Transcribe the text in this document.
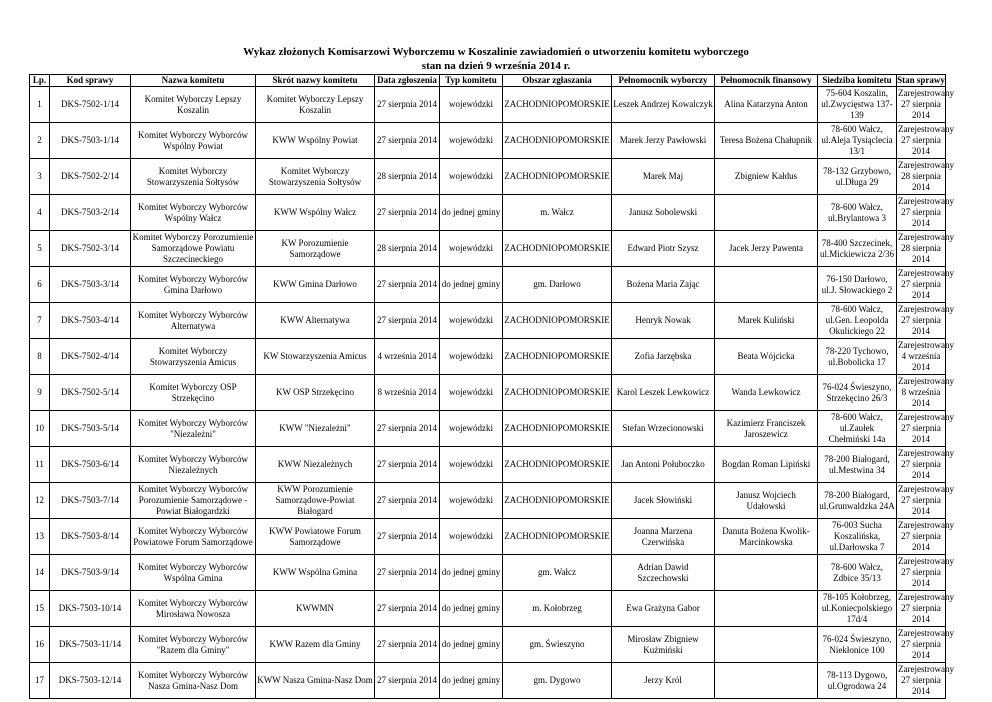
Wykaz złożonych Komisarzowi Wyborczemu w Koszalinie zawiadomień o utworzeniu komitetu wyborczego
stan na dzień 9 września 2014 r.
Lp.	Kod sprawy	Nazwa komitetu	Skrót nazwy komitetu	Data zgłoszenia	Typ komitetu	Obszar zgłaszania	Pełnomocnik wyborczy	Pełnomocnik finansowy	Siedziba komitetu	Stan sprawy
1	DKS-7502-1/14	Komitet Wyborczy Lepszy Koszalin	Komitet Wyborczy Lepszy Koszalin	27 sierpnia 2014	wojewódzki	ZACHODNIOPOMORSKIE	Leszek Andrzej Kowalczyk	Alina Katarzyna Anton	75-604 Koszalin, ul.Zwycięstwa 137-139	Zarejestrowany 27 sierpnia 2014
2	DKS-7503-1/14	Komitet Wyborczy Wyborców Wspólny Powiat	KWW Wspólny Powiat	27 sierpnia 2014	wojewódzki	ZACHODNIOPOMORSKIE	Marek Jerzy Pawłowski	Teresa Bożena Chałupnik	78-600 Wałcz, ul.Aleja Tysiąclecia 13/1	Zarejestrowany 27 sierpnia 2014
3	DKS-7502-2/14	Komitet Wyborczy Stowarzyszenia Sołtysów	Komitet Wyborczy Stowarzyszenia Sołtysów	28 sierpnia 2014	wojewódzki	ZACHODNIOPOMORSKIE	Marek Maj	Zbigniew Kałdus	78-132 Grzybowo, ul.Długa 29	Zarejestrowany 28 sierpnia 2014
4	DKS-7503-2/14	Komitet Wyborczy Wyborców Wspólny Wałcz	KWW Wspólny Wałcz	27 sierpnia 2014	do jednej gminy	m. Wałcz	Janusz Sobolewski		78-600 Wałcz, ul.Brylantowa 3	Zarejestrowany 27 sierpnia 2014
5	DKS-7502-3/14	Komitet Wyborczy Porozumienie Samorządowe Powiatu Szczecineckiego	KW Porozumienie Samorządowe	28 sierpnia 2014	wojewódzki	ZACHODNIOPOMORSKIE	Edward Piotr Szysz	Jacek Jerzy Pawenta	78-400 Szczecinek, ul.Mickiewicza 2/36	Zarejestrowany 28 sierpnia 2014
6	DKS-7503-3/14	Komitet Wyborczy Wyborców Gmina Darłowo	KWW Gmina Darłowo	27 sierpnia 2014	do jednej gminy	gm. Darłowo	Bożena Maria Zając		76-150 Darłowo, ul.J. Słowackiego 2	Zarejestrowany 27 sierpnia 2014
7	DKS-7503-4/14	Komitet Wyborczy Wyborców Alternatywa	KWW Alternatywa	27 sierpnia 2014	wojewódzki	ZACHODNIOPOMORSKIE	Henryk Nowak	Marek Kuliński	78-600 Wałcz, ul.Gen. Leopolda Okulickiego 22	Zarejestrowany 27 sierpnia 2014
8	DKS-7502-4/14	Komitet Wyborczy Stowarzyszenia Amicus	KW Stowarzyszenia Amicus	4 września 2014	wojewódzki	ZACHODNIOPOMORSKIE	Zofia Jarzębska	Beata Wójcicka	78-220 Tychowo, ul.Bobolicka 17	Zarejestrowany 4 września 2014
9	DKS-7502-5/14	Komitet Wyborczy OSP Strzekęcino	KW OSP Strzekęcino	8 września 2014	wojewódzki	ZACHODNIOPOMORSKIE	Karol Leszek Lewkowicz	Wanda Lewkowicz	76-024 Świeszyno, Strzekęcino 26/3	Zarejestrowany 8 września 2014
10	DKS-7503-5/14	Komitet Wyborczy Wyborców "Niezależni"	KWW "Niezależni"	27 sierpnia 2014	wojewódzki	ZACHODNIOPOMORSKIE	Stefan Wrzecionowski	Kazimierz Franciszek Jaroszewicz	78-600 Wałcz, ul.Zaułek Chełmiński 14a	Zarejestrowany 27 sierpnia 2014
11	DKS-7503-6/14	Komitet Wyborczy Wyborców Niezależnych	KWW Niezależnych	27 sierpnia 2014	wojewódzki	ZACHODNIOPOMORSKIE	Jan Antoni Połuboczko	Bogdan Roman Lipiński	78-200 Białogard, ul.Mestwina 34	Zarejestrowany 27 sierpnia 2014
12	DKS-7503-7/14	Komitet Wyborczy Wyborców Porozumienie Samorządowe - Powiat Białogardzki	KWW Porozumienie Samorządowe-Powiat Białogard	27 sierpnia 2014	wojewódzki	ZACHODNIOPOMORSKIE	Jacek Słowiński	Janusz Wojciech Udałowski	78-200 Białogard, ul.Grunwaldzka 24A	Zarejestrowany 27 sierpnia 2014
13	DKS-7503-8/14	Komitet Wyborczy Wyborców Powiatowe Forum Samorządowe	KWW Powiatowe Forum Samorządowe	27 sierpnia 2014	wojewódzki	ZACHODNIOPOMORSKIE	Joanna Marzena Czerwińska	Danuta Bożena Kwolik-Marcinkowska	76-003 Sucha Koszalińska, ul.Darłowska 7	Zarejestrowany 27 sierpnia 2014
14	DKS-7503-9/14	Komitet Wyborczy Wyborców Wspólna Gmina	KWW Wspólna Gmina	27 sierpnia 2014	do jednej gminy	gm. Wałcz	Adrian Dawid Szczechowski		78-600 Wałcz, Zdbice 35/13	Zarejestrowany 27 sierpnia 2014
15	DKS-7503-10/14	Komitet Wyborczy Wyborców Mirosława Nowosza	KWWMN	27 sierpnia 2014	do jednej gminy	m. Kołobrzeg	Ewa Grażyna Gabor		78-105 Kołobrzeg, ul.Koniecpolskiego 17d/4	Zarejestrowany 27 sierpnia 2014
16	DKS-7503-11/14	Komitet Wyborczy Wyborców "Razem dla Gminy"	KWW Razem dla Gminy	27 sierpnia 2014	do jednej gminy	gm. Świeszyno	Mirosław Zbigniew Kuźmiński		76-024 Świeszyno, Niekłonice 100	Zarejestrowany 27 sierpnia 2014
17	DKS-7503-12/14	Komitet Wyborczy Wyborców Nasza Gmina-Nasz Dom	KWW Nasza Gmina-Nasz Dom	27 sierpnia 2014	do jednej gminy	gm. Dygowo	Jerzy Król		78-113 Dygowo, ul.Ogrodowa 24	Zarejestrowany 27 sierpnia 2014
